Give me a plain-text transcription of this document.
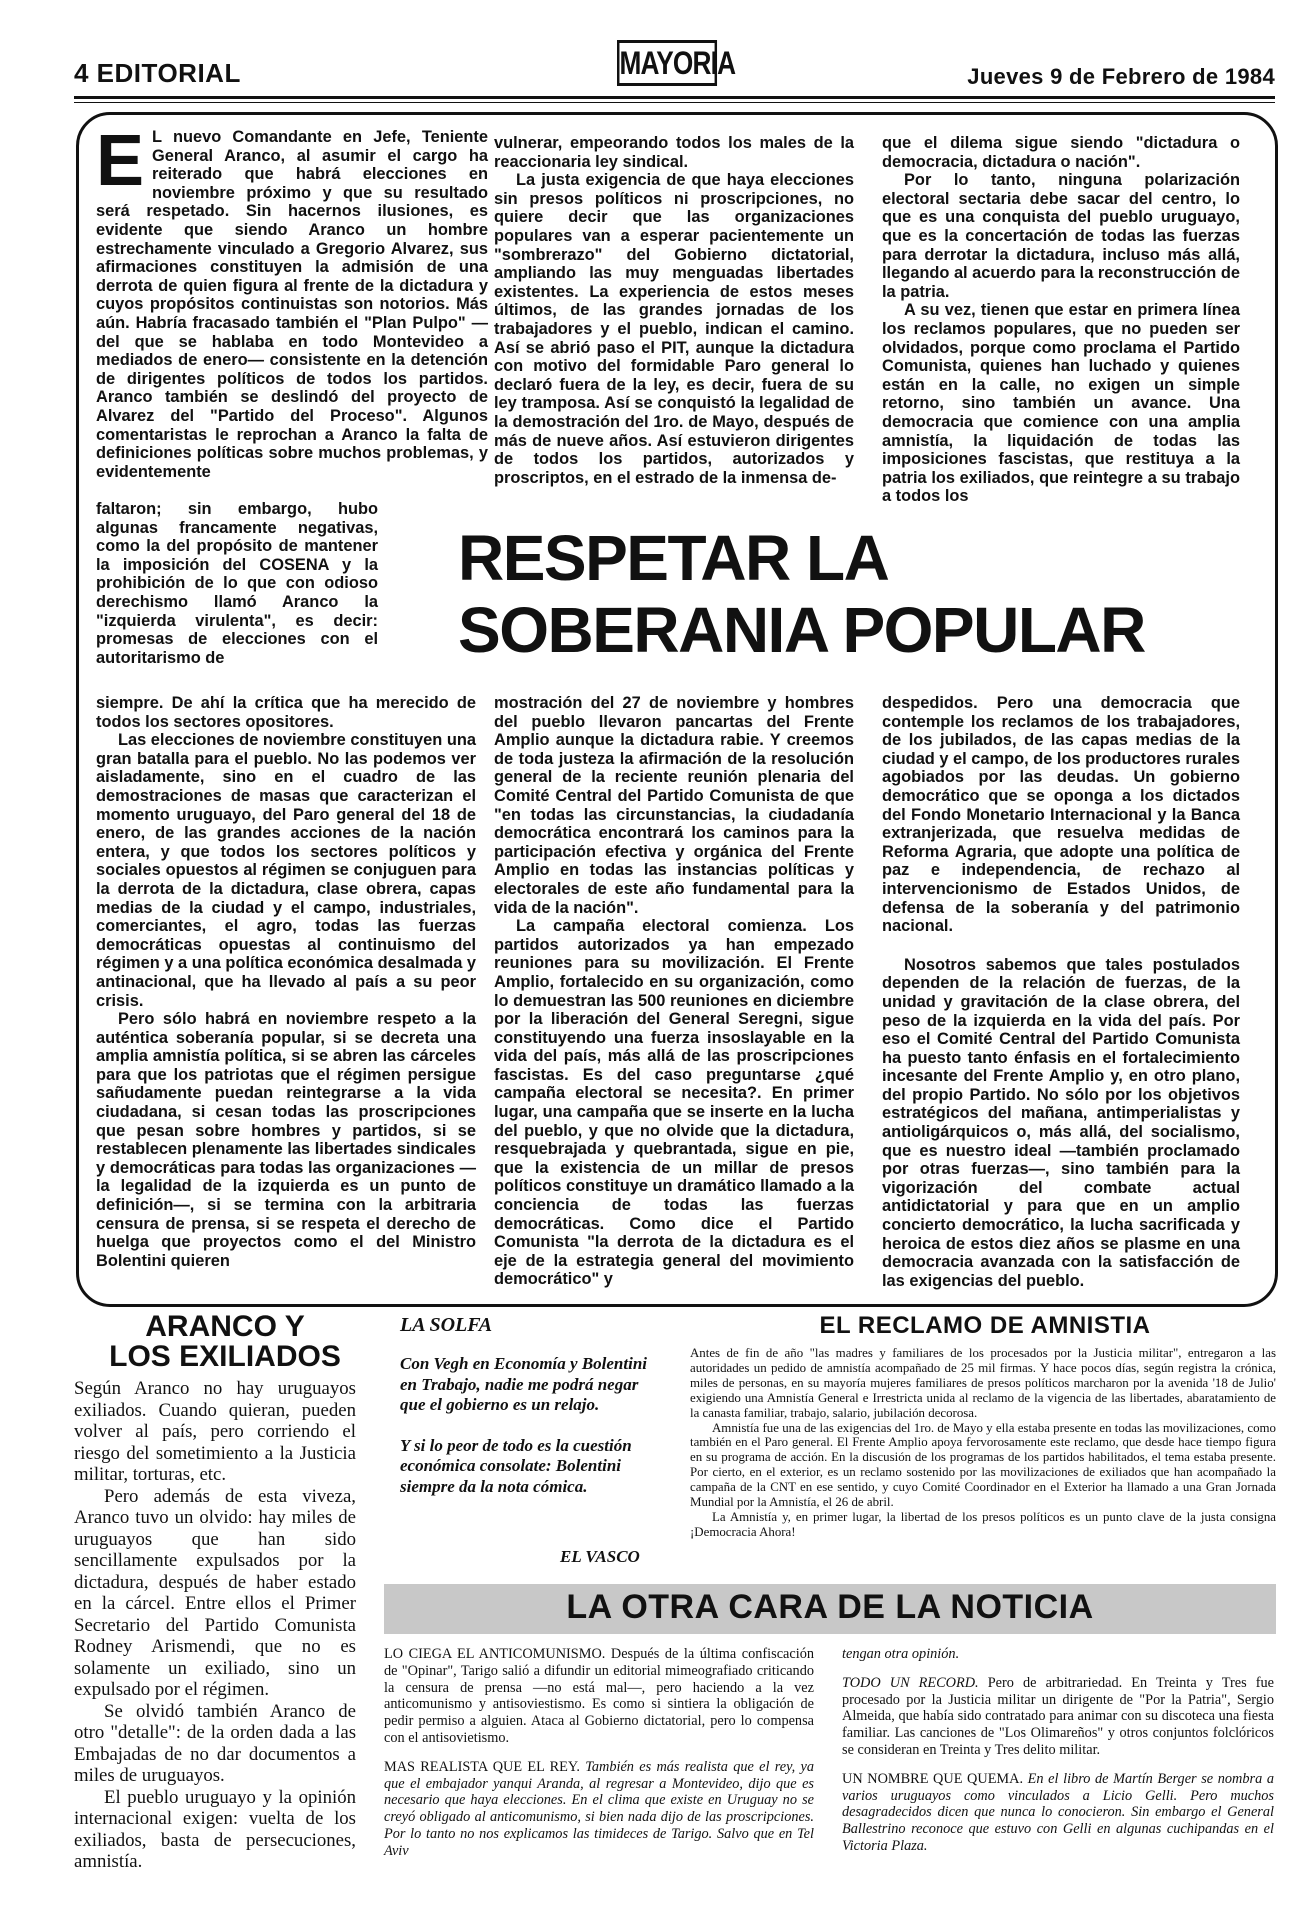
4 EDITORIAL	MAYORIA	Jueves 9 de Febrero de 1984

E L nuevo Comandante en Jefe, Teniente General Aranco, al asumir el cargo ha reiterado que habrá elecciones en noviembre próximo y que su resultado será respetado. Sin hacernos ilusiones, es evidente que siendo Aranco un hombre estrechamente vinculado a Gregorio Alvarez, sus afirmaciones constituyen la admisión de una derrota de quien figura al frente de la dictadura y cuyos propósitos continuistas son notorios. Más aún. Habría fracasado también el "Plan Pulpo" —del que se hablaba en todo Montevideo a mediados de enero— consistente en la detención de dirigentes políticos de todos los partidos. Aranco también se deslindó del proyecto de Alvarez del "Partido del Proceso". Algunos comentaristas le reprochan a Aranco la falta de definiciones políticas sobre muchos problemas, y evidentemente

faltaron; sin embargo, hubo algunas francamente negativas, como la del propósito de mantener la imposición del COSENA y la prohibición de lo que con odioso derechismo llamó Aranco la "izquierda virulenta", es decir: promesas de elecciones con el autoritarismo de

siempre. De ahí la crítica que ha merecido de todos los sectores opositores.

Las elecciones de noviembre constituyen una gran batalla para el pueblo. No las podemos ver aisladamente, sino en el cuadro de las demostraciones de masas que caracterizan el momento uruguayo, del Paro general del 18 de enero, de las grandes acciones de la nación entera, y que todos los sectores políticos y sociales opuestos al régimen se conjuguen para la derrota de la dictadura, clase obrera, capas medias de la ciudad y el campo, industriales, comerciantes, el agro, todas las fuerzas democráticas opuestas al continuismo del régimen y a una política económica desalmada y antinacional, que ha llevado al país a su peor crisis.

Pero sólo habrá en noviembre respeto a la auténtica soberanía popular, si se decreta una amplia amnistía política, si se abren las cárceles para que los patriotas que el régimen persigue sañudamente puedan reintegrarse a la vida ciudadana, si cesan todas las proscripciones que pesan sobre hombres y partidos, si se restablecen plenamente las libertades sindicales y democráticas para todas las organizaciones —la legalidad de la izquierda es un punto de definición—, si se termina con la arbitraria censura de prensa, si se respeta el derecho de huelga que proyectos como el del Ministro Bolentini quieren

vulnerar, empeorando todos los males de la reaccionaria ley sindical.

La justa exigencia de que haya elecciones sin presos políticos ni proscripciones, no quiere decir que las organizaciones populares van a esperar pacientemente un "sombrerazo" del Gobierno dictatorial, ampliando las muy menguadas libertades existentes. La experiencia de estos meses últimos, de las grandes jornadas de los trabajadores y el pueblo, indican el camino. Así se abrió paso el PIT, aunque la dictadura con motivo del formidable Paro general lo declaró fuera de la ley, es decir, fuera de su ley tramposa. Así se conquistó la legalidad de la demostración del 1ro. de Mayo, después de más de nueve años. Así estuvieron dirigentes de todos los partidos, autorizados y proscriptos, en el estrado de la inmensa de-

que el dilema sigue siendo "dictadura o democracia, dictadura o nación".

Por lo tanto, ninguna polarización electoral sectaria debe sacar del centro, lo que es una conquista del pueblo uruguayo, que es la concertación de todas las fuerzas para derrotar la dictadura, incluso más allá, llegando al acuerdo para la reconstrucción de la patria.

A su vez, tienen que estar en primera línea los reclamos populares, que no pueden ser olvidados, porque como proclama el Partido Comunista, quienes han luchado y quienes están en la calle, no exigen un simple retorno, sino también un avance. Una democracia que comience con una amplia amnistía, la liquidación de todas las imposiciones fascistas, que restituya a la patria los exiliados, que reintegre a su trabajo a todos los

RESPETAR LA
SOBERANIA POPULAR

mostración del 27 de noviembre y hombres del pueblo llevaron pancartas del Frente Amplio aunque la dictadura rabie. Y creemos de toda justeza la afirmación de la resolución general de la reciente reunión plenaria del Comité Central del Partido Comunista de que "en todas las circunstancias, la ciudadanía democrática encontrará los caminos para la participación efectiva y orgánica del Frente Amplio en todas las instancias políticas y electorales de este año fundamental para la vida de la nación".

La campaña electoral comienza. Los partidos autorizados ya han empezado reuniones para su movilización. El Frente Amplio, fortalecido en su organización, como lo demuestran las 500 reuniones en diciembre por la liberación del General Seregni, sigue constituyendo una fuerza insoslayable en la vida del país, más allá de las proscripciones fascistas. Es del caso preguntarse ¿qué campaña electoral se necesita?. En primer lugar, una campaña que se inserte en la lucha del pueblo, y que no olvide que la dictadura, resquebrajada y quebrantada, sigue en pie, que la existencia de un millar de presos políticos constituye un dramático llamado a la conciencia de todas las fuerzas democráticas. Como dice el Partido Comunista "la derrota de la dictadura es el eje de la estrategia general del movimiento democrático" y

despedidos. Pero una democracia que contemple los reclamos de los trabajadores, de los jubilados, de las capas medias de la ciudad y el campo, de los productores rurales agobiados por las deudas. Un gobierno democrático que se oponga a los dictados del Fondo Monetario Internacional y la Banca extranjerizada, que resuelva medidas de Reforma Agraria, que adopte una política de paz e independencia, de rechazo al intervencionismo de Estados Unidos, de defensa de la soberanía y del patrimonio nacional.

Nosotros sabemos que tales postulados dependen de la relación de fuerzas, de la unidad y gravitación de la clase obrera, del peso de la izquierda en la vida del país. Por eso el Comité Central del Partido Comunista ha puesto tanto énfasis en el fortalecimiento incesante del Frente Amplio y, en otro plano, del propio Partido. No sólo por los objetivos estratégicos del mañana, antimperialistas y antioligárquicos o, más allá, del socialismo, que es nuestro ideal —también proclamado por otras fuerzas—, sino también para la vigorización del combate actual antidictatorial y para que en un amplio concierto democrático, la lucha sacrificada y heroica de estos diez años se plasme en una democracia avanzada con la satisfacción de las exigencias del pueblo.

ARANCO Y
LOS EXILIADOS

Según Aranco no hay uruguayos exiliados. Cuando quieran, pueden volver al país, pero corriendo el riesgo del sometimiento a la Justicia militar, torturas, etc.

Pero además de esta viveza, Aranco tuvo un olvido: hay miles de uruguayos que han sido sencillamente expulsados por la dictadura, después de haber estado en la cárcel. Entre ellos el Primer Secretario del Partido Comunista Rodney Arismendi, que no es solamente un exiliado, sino un expulsado por el régimen.

Se olvidó también Aranco de otro "detalle": de la orden dada a las Embajadas de no dar documentos a miles de uruguayos.

El pueblo uruguayo y la opinión internacional exigen: vuelta de los exiliados, basta de persecuciones, amnistía.

LA SOLFA

Con Vegh en Economía y Bolentini en Trabajo, nadie me podrá negar que el gobierno es un relajo.

Y si lo peor de todo es la cuestión económica consolate: Bolentini siempre da la nota cómica.

EL VASCO
EL RECLAMO DE AMNISTIA

Antes de fin de año "las madres y familiares de los procesados por la Justicia militar", entregaron a las autoridades un pedido de amnistía acompañado de 25 mil firmas. Y hace pocos días, según registra la crónica, miles de personas, en su mayoría mujeres familiares de presos políticos marcharon por la avenida '18 de Julio' exigiendo una Amnistía General e Irrestricta unida al reclamo de la vigencia de las libertades, abaratamiento de la canasta familiar, trabajo, salario, jubilación decorosa.

Amnistía fue una de las exigencias del 1ro. de Mayo y ella estaba presente en todas las movilizaciones, como también en el Paro general. El Frente Amplio apoya fervorosamente este reclamo, que desde hace tiempo figura en su programa de acción. En la discusión de los programas de los partidos habilitados, el tema estaba presente. Por cierto, en el exterior, es un reclamo sostenido por las movilizaciones de exiliados que han acompañado la campaña de la CNT en ese sentido, y cuyo Comité Coordinador en el Exterior ha llamado a una Gran Jornada Mundial por la Amnistía, el 26 de abril.

La Amnistía y, en primer lugar, la libertad de los presos políticos es un punto clave de la justa consigna ¡Democracia Ahora!

LA OTRA CARA DE LA NOTICIA

LO CIEGA EL ANTICOMUNISMO. Después de la última confiscación de "Opinar", Tarigo salió a difundir un editorial mimeografiado criticando la censura de prensa —no está mal—, pero haciendo a la vez anticomunismo y antisoviestismo. Es como si sintiera la obligación de pedir permiso a alguien. Ataca al Gobierno dictatorial, pero lo compensa con el antisovietismo.

MAS REALISTA QUE EL REY. También es más realista que el rey, ya que el embajador yanqui Aranda, al regresar a Montevideo, dijo que es necesario que haya elecciones. En el clima que existe en Uruguay no se creyó obligado al anticomunismo, si bien nada dijo de las proscripciones. Por lo tanto no nos explicamos las timideces de Tarigo. Salvo que en Tel Aviv

tengan otra opinión.

TODO UN RECORD. Pero de arbitrariedad. En Treinta y Tres fue procesado por la Justicia militar un dirigente de "Por la Patria", Sergio Almeida, que había sido contratado para animar con su discoteca una fiesta familiar. Las canciones de "Los Olimareños" y otros conjuntos folclóricos se consideran en Treinta y Tres delito militar.

UN NOMBRE QUE QUEMA. En el libro de Martín Berger se nombra a varios uruguayos como vinculados a Licio Gelli. Pero muchos desagradecidos dicen que nunca lo conocieron. Sin embargo el General Ballestrino reconoce que estuvo con Gelli en algunas cuchipandas en el Victoria Plaza.
